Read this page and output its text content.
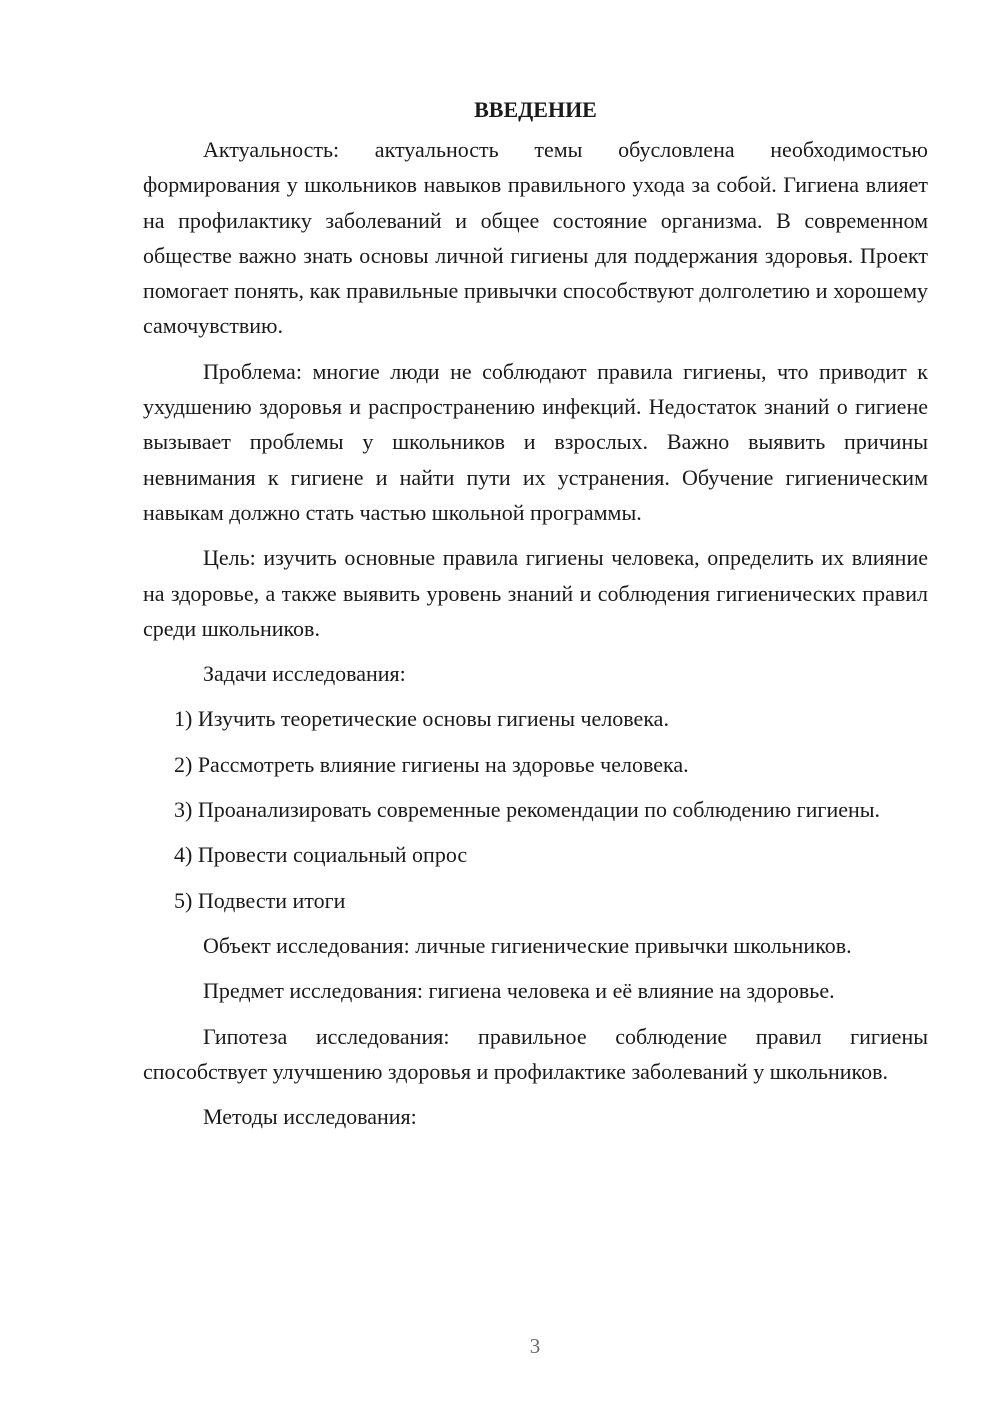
ВВЕДЕНИЕ

Актуальность: актуальность темы обусловлена необходимостью формирования у школьников навыков правильного ухода за собой. Гигиена влияет на профилактику заболеваний и общее состояние организма. В современном обществе важно знать основы личной гигиены для поддержания здоровья. Проект помогает понять, как правильные привычки способствуют долголетию и хорошему самочувствию.

Проблема: многие люди не соблюдают правила гигиены, что приводит к ухудшению здоровья и распространению инфекций. Недостаток знаний о гигиене вызывает проблемы у школьников и взрослых. Важно выявить причины невнимания к гигиене и найти пути их устранения. Обучение гигиеническим навыкам должно стать частью школьной программы.

Цель: изучить основные правила гигиены человека, определить их влияние на здоровье, а также выявить уровень знаний и соблюдения гигиенических правил среди школьников.

Задачи исследования:

1) Изучить теоретические основы гигиены человека.

2) Рассмотреть влияние гигиены на здоровье человека.

3) Проанализировать современные рекомендации по соблюдению гигиены.

4) Провести социальный опрос

5) Подвести итоги

Объект исследования: личные гигиенические привычки школьников.

Предмет исследования: гигиена человека и её влияние на здоровье.

Гипотеза исследования: правильное соблюдение правил гигиены способствует улучшению здоровья и профилактике заболеваний у школьников.

Методы исследования:

3
